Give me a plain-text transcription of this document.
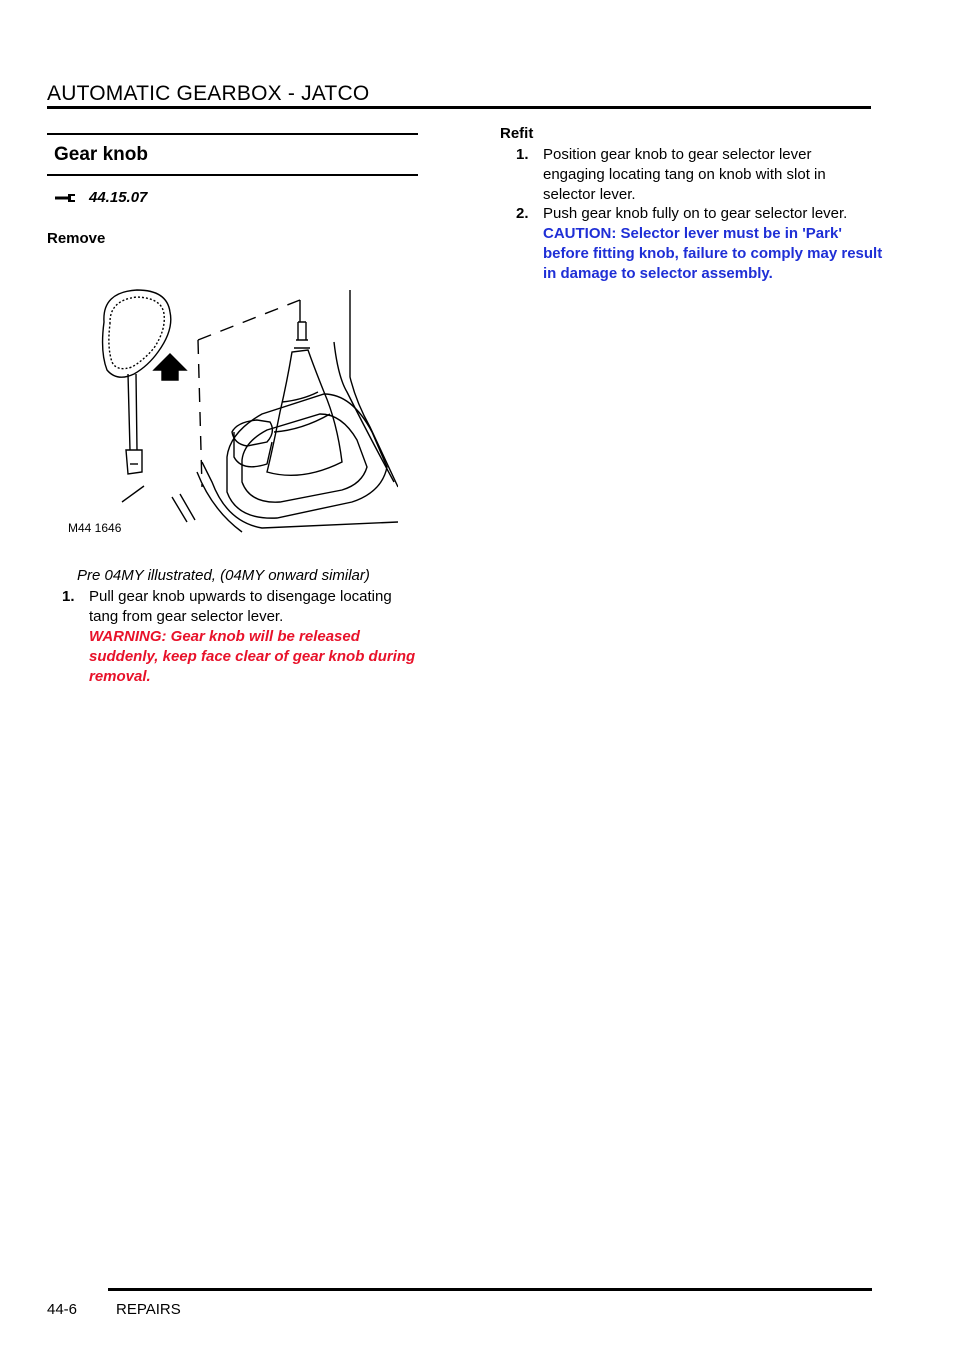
AUTOMATIC GEARBOX - JATCO
Gear knob
44.15.07
Remove
M44 1646
Pre 04MY illustrated, (04MY onward similar)
1. Pull gear knob upwards to disengage locating tang from gear selector lever.
WARNING: Gear knob will be released suddenly, keep face clear of gear knob during removal.
Refit
1. Position gear knob to gear selector lever engaging locating tang on knob with slot in selector lever.
2. Push gear knob fully on to gear selector lever.
CAUTION: Selector lever must be in 'Park' before fitting knob, failure to comply may result in damage to selector assembly.
44-6	REPAIRS
